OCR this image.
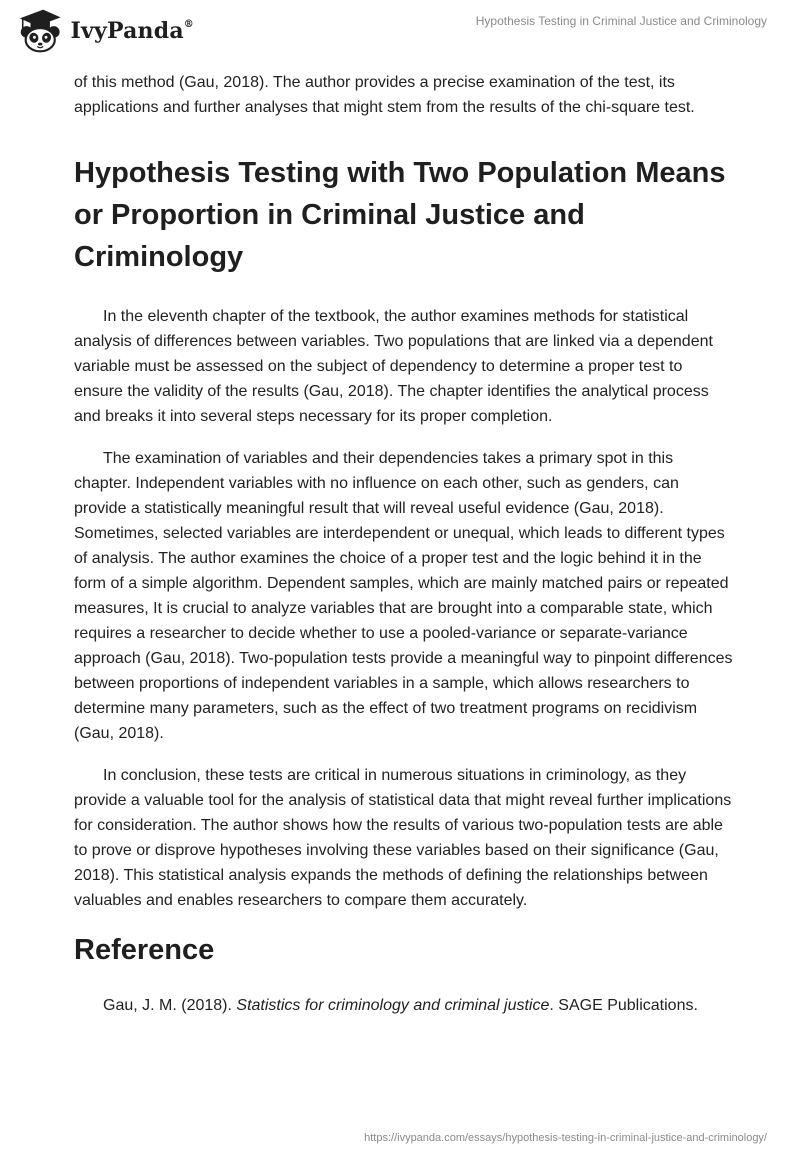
IvyPanda®	Hypothesis Testing in Criminal Justice and Criminology

of this method (Gau, 2018). The author provides a precise examination of the test, its applications and further analyses that might stem from the results of the chi-square test.

Hypothesis Testing with Two Population Means or Proportion in Criminal Justice and Criminology

In the eleventh chapter of the textbook, the author examines methods for statistical analysis of differences between variables. Two populations that are linked via a dependent variable must be assessed on the subject of dependency to determine a proper test to ensure the validity of the results (Gau, 2018). The chapter identifies the analytical process and breaks it into several steps necessary for its proper completion.

The examination of variables and their dependencies takes a primary spot in this chapter. Independent variables with no influence on each other, such as genders, can provide a statistically meaningful result that will reveal useful evidence (Gau, 2018). Sometimes, selected variables are interdependent or unequal, which leads to different types of analysis. The author examines the choice of a proper test and the logic behind it in the form of a simple algorithm. Dependent samples, which are mainly matched pairs or repeated measures, It is crucial to analyze variables that are brought into a comparable state, which requires a researcher to decide whether to use a pooled-variance or separate-variance approach (Gau, 2018). Two-population tests provide a meaningful way to pinpoint differences between proportions of independent variables in a sample, which allows researchers to determine many parameters, such as the effect of two treatment programs on recidivism (Gau, 2018).

In conclusion, these tests are critical in numerous situations in criminology, as they provide a valuable tool for the analysis of statistical data that might reveal further implications for consideration. The author shows how the results of various two-population tests are able to prove or disprove hypotheses involving these variables based on their significance (Gau, 2018). This statistical analysis expands the methods of defining the relationships between valuables and enables researchers to compare them accurately.

Reference

Gau, J. M. (2018). Statistics for criminology and criminal justice. SAGE Publications.

https://ivypanda.com/essays/hypothesis-testing-in-criminal-justice-and-criminology/
